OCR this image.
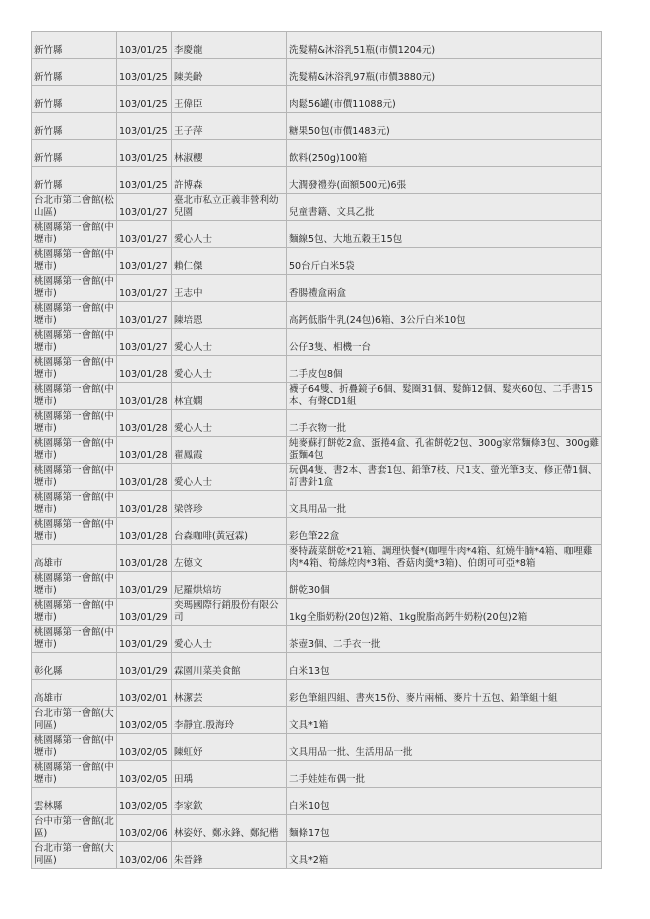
新竹縣	103/01/25	李慶龍	洗髮精&沐浴乳51瓶(市價1204元)

新竹縣	103/01/25	陳美齡	洗髮精&沐浴乳97瓶(市價3880元)

新竹縣	103/01/25	王偉臣	肉鬆56罐(市價11088元)

新竹縣	103/01/25	王子萍	糖果50包(市價1483元)

新竹縣	103/01/25	林淑櫻	飲料(250g)100箱

新竹縣	103/01/25	許博森	大潤發禮券(面額500元)6張

台北市第二會館(松山區)	103/01/27	臺北市私立正義非營利幼兒園	兒童書籍、文具乙批

桃園縣第一會館(中壢市)	103/01/27	愛心人士	麵線5包、大地五穀王15包

桃園縣第一會館(中壢市)	103/01/27	賴仁傑	50台斤白米5袋

桃園縣第一會館(中壢市)	103/01/27	王志中	香腸禮盒兩盒

桃園縣第一會館(中壢市)	103/01/27	陳培恩	高鈣低脂牛乳(24包)6箱、3公斤白米10包

桃園縣第一會館(中壢市)	103/01/27	愛心人士	公仔3隻、相機一台

桃園縣第一會館(中壢市)	103/01/28	愛心人士	二手皮包8個

桃園縣第一會館(中壢市)	103/01/28	林宜嫻	襪子64雙、折疊鏡子6個、髮圈31個、髮飾12個、髮夾60包、二手書15本、有聲CD1組

桃園縣第一會館(中壢市)	103/01/28	愛心人士	二手衣物一批

桃園縣第一會館(中壢市)	103/01/28	翟鳳霞	純麥蘇打餅乾2盒、蛋捲4盒、孔雀餅乾2包、300g家常麵條3包、300g雞蛋麵4包

桃園縣第一會館(中壢市)	103/01/28	愛心人士	玩偶4隻、書2本、書套1包、鉛筆7枝、尺1支、螢光筆3支、修正帶1個、訂書針1盒

桃園縣第一會館(中壢市)	103/01/28	梁啓珍	文具用品一批

桃園縣第一會館(中壢市)	103/01/28	台森咖啡(黃冠霖)	彩色筆22盒

高雄市	103/01/28	左德文	麥特蔬菜餅乾*21箱、調理快餐*(咖哩牛肉*4箱、紅燒牛腩*4箱、咖哩雞肉*4箱、筍絲焢肉*3箱、香菇肉羹*3箱)、伯朗可可亞*8箱

桃園縣第一會館(中壢市)	103/01/29	尼羅烘焙坊	餅乾30個

桃園縣第一會館(中壢市)	103/01/29	奕瑪國際行銷股份有限公司	1kg全脂奶粉(20包)2箱、1kg脫脂高鈣牛奶粉(20包)2箱

桃園縣第一會館(中壢市)	103/01/29	愛心人士	茶壺3個、二手衣一批

彰化縣	103/01/29	霖園川菜美食館	白米13包

高雄市	103/02/01	林潔芸	彩色筆組四組、書夾15份、麥片兩桶、麥片十五包、鉛筆組十組

台北市第一會館(大同區)	103/02/05	李靜宜.殷海玲	文具*1箱

桃園縣第一會館(中壢市)	103/02/05	陳虹妤	文具用品一批、生活用品一批

桃園縣第一會館(中壢市)	103/02/05	田瑀	二手娃娃布偶一批

雲林縣	103/02/05	李家欽	白米10包

台中市第一會館(北區)	103/02/06	林姿妤、鄭永鋒、鄭紀楷	麵條17包

台北市第一會館(大同區)	103/02/06	朱晉鋒	文具*2箱
